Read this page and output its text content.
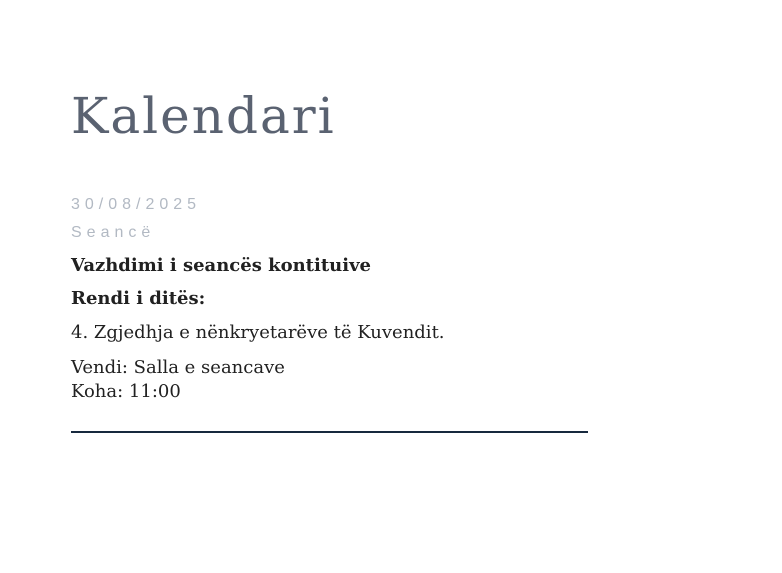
Kalendari
30/08/2025
Seancë

Vazhdimi i seancës kontituive

Rendi i ditës:

4. Zgjedhja e nënkryetarëve të Kuvendit.

Vendi: Salla e seancave
Koha: 11:00
